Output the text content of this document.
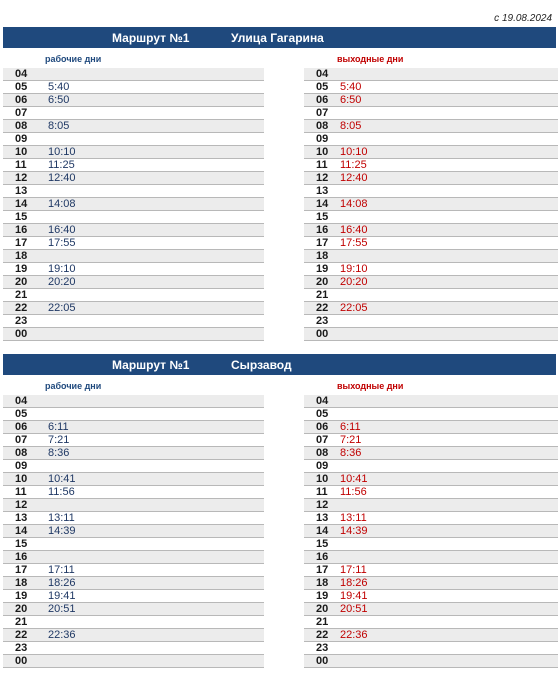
с 19.08.2024
Маршрут №1	Улица Гагарина
рабочие дни
04
05 5:40
06 6:50
07
08 8:05
09
10 10:10
11 11:25
12 12:40
13
14 14:08
15
16 16:40
17 17:55
18
19 19:10
20 20:20
21
22 22:05
23
00
выходные дни
04
05 5:40
06 6:50
07
08 8:05
09
10 10:10
11 11:25
12 12:40
13
14 14:08
15
16 16:40
17 17:55
18
19 19:10
20 20:20
21
22 22:05
23
00
Маршрут №1	Сырзавод
рабочие дни
04
05
06 6:11
07 7:21
08 8:36
09
10 10:41
11 11:56
12
13 13:11
14 14:39
15
16
17 17:11
18 18:26
19 19:41
20 20:51
21
22 22:36
23
00
выходные дни
04
05
06 6:11
07 7:21
08 8:36
09
10 10:41
11 11:56
12
13 13:11
14 14:39
15
16
17 17:11
18 18:26
19 19:41
20 20:51
21
22 22:36
23
00
